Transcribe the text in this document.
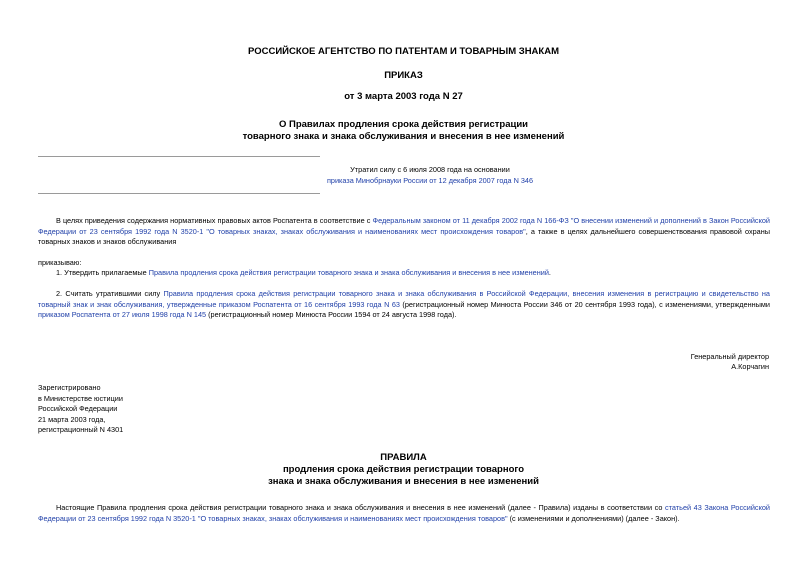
РОССИЙСКОЕ АГЕНТСТВО ПО ПАТЕНТАМ И ТОВАРНЫМ ЗНАКАМ
ПРИКАЗ
от 3 марта 2003 года N 27
О Правилах продления срока действия регистрации
товарного знака и знака обслуживания и внесения в нее изменений
Утратил силу с 6 июля 2008 года на основании
приказа Минобрнауки России от 12 декабря 2007 года N 346
В целях приведения содержания нормативных правовых актов Роспатента в соответствие с Федеральным законом от 11 декабря 2002 года N 166-ФЗ "О внесении изменений и дополнений в Закон Российской Федерации от 23 сентября 1992 года N 3520-1 "О товарных знаках, знаках обслуживания и наименованиях мест происхождения товаров", а также в целях дальнейшего совершенствования правовой охраны товарных знаков и знаков обслуживания
приказываю:
1. Утвердить прилагаемые Правила продления срока действия регистрации товарного знака и знака обслуживания и внесения в нее изменений.
2. Считать утратившими силу Правила продления срока действия регистрации товарного знака и знака обслуживания в Российской Федерации, внесения изменения в регистрацию и свидетельство на товарный знак и знак обслуживания, утвержденные приказом Роспатента от 16 сентября 1993 года N 63 (регистрационный номер Минюста России 346 от 20 сентября 1993 года), с изменениями, утвержденными приказом Роспатента от 27 июля 1998 года N 145 (регистрационный номер Минюста России 1594 от 24 августа 1998 года).
Генеральный директор
А.Корчагин
Зарегистрировано
в Министерстве юстиции
Российской Федерации
21 марта 2003 года,
регистрационный N 4301
ПРАВИЛА
продления срока действия регистрации товарного
знака и знака обслуживания и внесения в нее изменений
Настоящие Правила продления срока действия регистрации товарного знака и знака обслуживания и внесения в нее изменений (далее - Правила) изданы в соответствии со статьей 43 Закона Российской Федерации от 23 сентября 1992 года N 3520-1 "О товарных знаках, знаках обслуживания и наименованиях мест происхождения товаров" (с изменениями и дополнениями) (далее - Закон).
